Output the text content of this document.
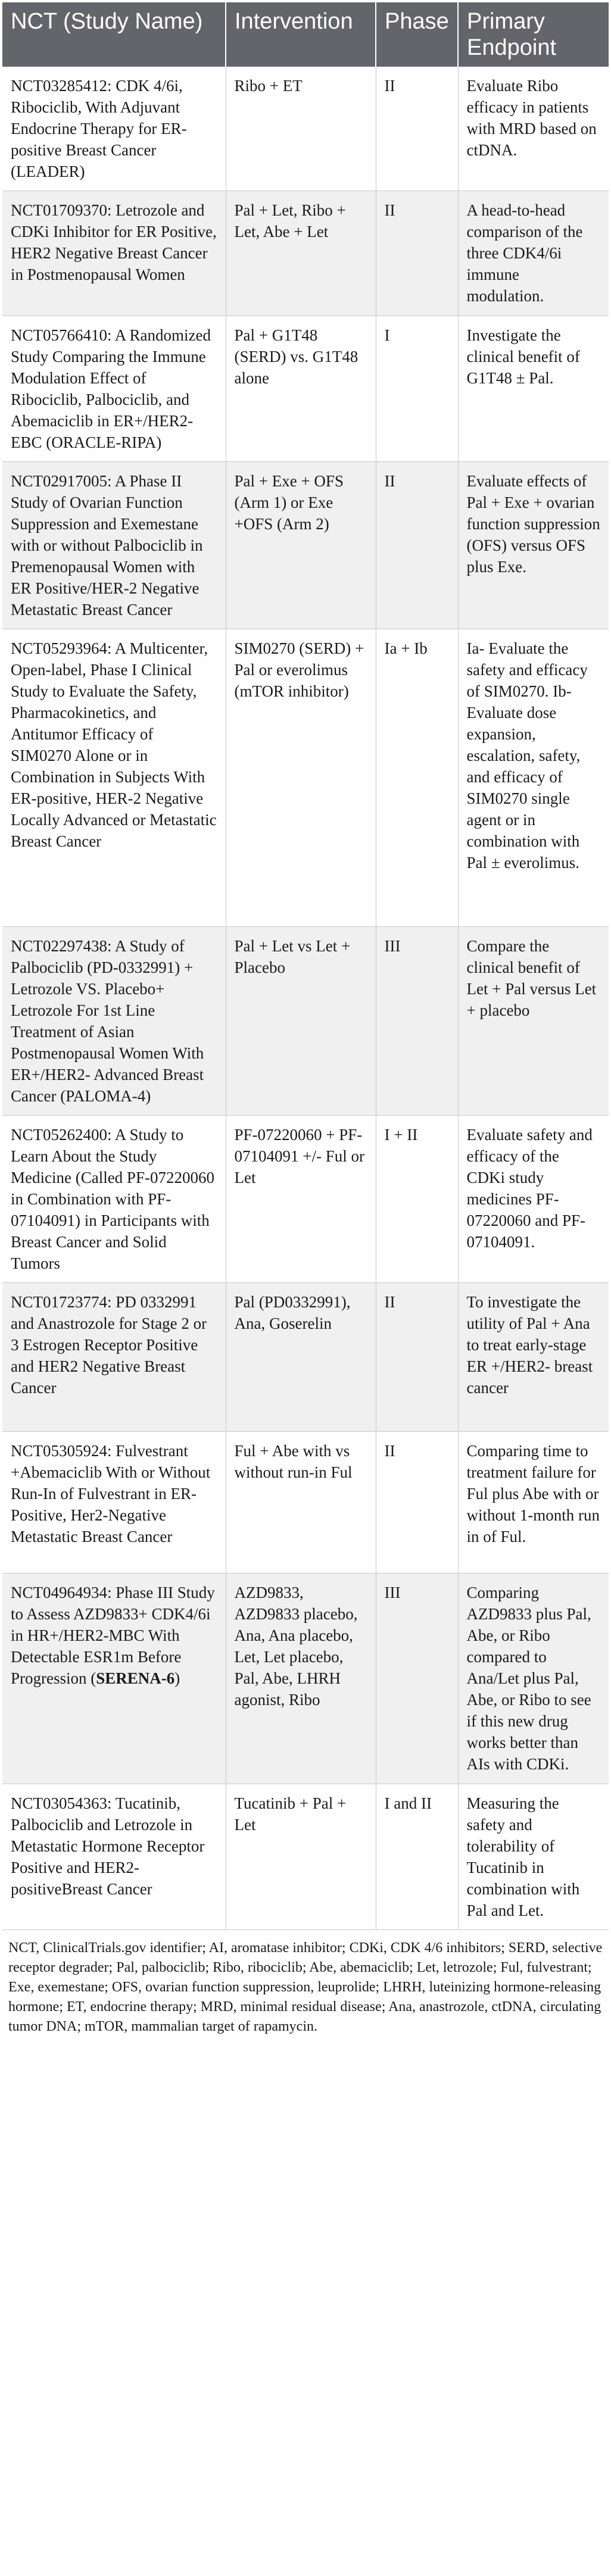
NCT (Study Name)	Intervention	Phase	Primary Endpoint
NCT03285412: CDK 4/6i, Ribociclib, With Adjuvant Endocrine Therapy for ER-positive Breast Cancer (LEADER)	Ribo + ET	II	Evaluate Ribo efficacy in patients with MRD based on ctDNA.
NCT01709370: Letrozole and CDKi Inhibitor for ER Positive, HER2 Negative Breast Cancer in Postmenopausal Women	Pal + Let, Ribo + Let, Abe + Let	II	A head-to-head comparison of the three CDK4/6i immune modulation.
NCT05766410: A Randomized Study Comparing the Immune Modulation Effect of Ribociclib, Palbociclib, and Abemaciclib in ER+/HER2-EBC (ORACLE-RIPA)	Pal + G1T48 (SERD) vs. G1T48 alone	I	Investigate the clinical benefit of G1T48 ± Pal.
NCT02917005: A Phase II Study of Ovarian Function Suppression and Exemestane with or without Palbociclib in Premenopausal Women with ER Positive/HER-2 Negative Metastatic Breast Cancer	Pal + Exe + OFS (Arm 1) or Exe +OFS (Arm 2)	II	Evaluate effects of Pal + Exe + ovarian function suppression (OFS) versus OFS plus Exe.
NCT05293964: A Multicenter, Open-label, Phase I Clinical Study to Evaluate the Safety, Pharmacokinetics, and Antitumor Efficacy of SIM0270 Alone or in Combination in Subjects With ER-positive, HER-2 Negative Locally Advanced or Metastatic Breast Cancer	SIM0270 (SERD) + Pal or everolimus (mTOR inhibitor)	Ia + Ib	Ia- Evaluate the safety and efficacy of SIM0270. Ib- Evaluate dose expansion, escalation, safety, and efficacy of SIM0270 single agent or in combination with Pal ± everolimus.
NCT02297438: A Study of Palbociclib (PD-0332991) + Letrozole VS. Placebo+ Letrozole For 1st Line Treatment of Asian Postmenopausal Women With ER+/HER2- Advanced Breast Cancer (PALOMA-4)	Pal + Let vs Let + Placebo	III	Compare the clinical benefit of Let + Pal versus Let + placebo
NCT05262400: A Study to Learn About the Study Medicine (Called PF-07220060 in Combination with PF-07104091) in Participants with Breast Cancer and Solid Tumors	PF-07220060 + PF-07104091 +/- Ful or Let	I + II	Evaluate safety and efficacy of the CDKi study medicines PF-07220060 and PF-07104091.
NCT01723774: PD 0332991 and Anastrozole for Stage 2 or 3 Estrogen Receptor Positive and HER2 Negative Breast Cancer	Pal (PD0332991), Ana, Goserelin	II	To investigate the utility of Pal + Ana to treat early-stage ER +/HER2- breast cancer
NCT05305924: Fulvestrant +Abemaciclib With or Without Run-In of Fulvestrant in ER-Positive, Her2-Negative Metastatic Breast Cancer	Ful + Abe with vs without run-in Ful	II	Comparing time to treatment failure for Ful plus Abe with or without 1-month run in of Ful.
NCT04964934: Phase III Study to Assess AZD9833+ CDK4/6i in HR+/HER2-MBC With Detectable ESR1m Before Progression (SERENA-6)	AZD9833, AZD9833 placebo, Ana, Ana placebo, Let, Let placebo, Pal, Abe, LHRH agonist, Ribo	III	Comparing AZD9833 plus Pal, Abe, or Ribo compared to Ana/Let plus Pal, Abe, or Ribo to see if this new drug works better than AIs with CDKi.
NCT03054363: Tucatinib, Palbociclib and Letrozole in Metastatic Hormone Receptor Positive and HER2-positiveBreast Cancer	Tucatinib + Pal + Let	I and II	Measuring the safety and tolerability of Tucatinib in combination with Pal and Let.
NCT, ClinicalTrials.gov identifier; AI, aromatase inhibitor; CDKi, CDK 4/6 inhibitors; SERD, selective receptor degrader; Pal, palbociclib; Ribo, ribociclib; Abe, abemaciclib; Let, letrozole; Ful, fulvestrant; Exe, exemestane; OFS, ovarian function suppression, leuprolide; LHRH, luteinizing hormone-releasing hormone; ET, endocrine therapy; MRD, minimal residual disease; Ana, anastrozole, ctDNA, circulating tumor DNA; mTOR, mammalian target of rapamycin.
